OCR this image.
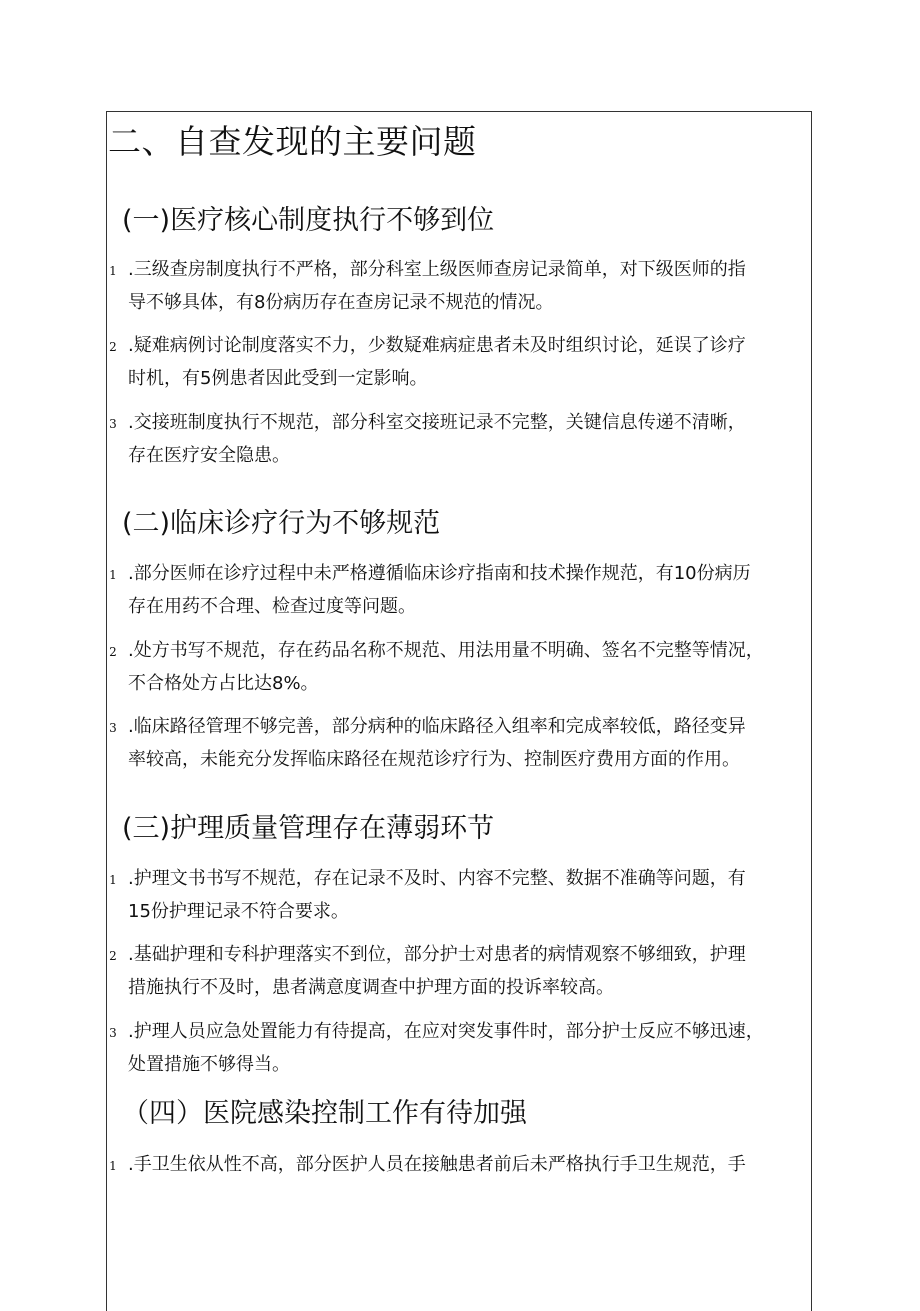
二、自查发现的主要问题
(一)医疗核心制度执行不够到位
1 .三级查房制度执行不严格，部分科室上级医师查房记录简单，对下级医师的指
导不够具体，有8份病历存在查房记录不规范的情况。
2 .疑难病例讨论制度落实不力，少数疑难病症患者未及时组织讨论，延误了诊疗
时机，有5例患者因此受到一定影响。
3 .交接班制度执行不规范，部分科室交接班记录不完整，关键信息传递不清晰，
存在医疗安全隐患。
(二)临床诊疗行为不够规范
1 .部分医师在诊疗过程中未严格遵循临床诊疗指南和技术操作规范，有10份病历
存在用药不合理、检查过度等问题。
2 .处方书写不规范，存在药品名称不规范、用法用量不明确、签名不完整等情况，
不合格处方占比达8%。
3 .临床路径管理不够完善，部分病种的临床路径入组率和完成率较低，路径变异
率较高，未能充分发挥临床路径在规范诊疗行为、控制医疗费用方面的作用。
(三)护理质量管理存在薄弱环节
1 .护理文书书写不规范，存在记录不及时、内容不完整、数据不准确等问题，有
15份护理记录不符合要求。
2 .基础护理和专科护理落实不到位，部分护士对患者的病情观察不够细致，护理
措施执行不及时，患者满意度调查中护理方面的投诉率较高。
3 .护理人员应急处置能力有待提高，在应对突发事件时，部分护士反应不够迅速，
处置措施不够得当。
（四）医院感染控制工作有待加强
1 .手卫生依从性不高，部分医护人员在接触患者前后未严格执行手卫生规范，手
